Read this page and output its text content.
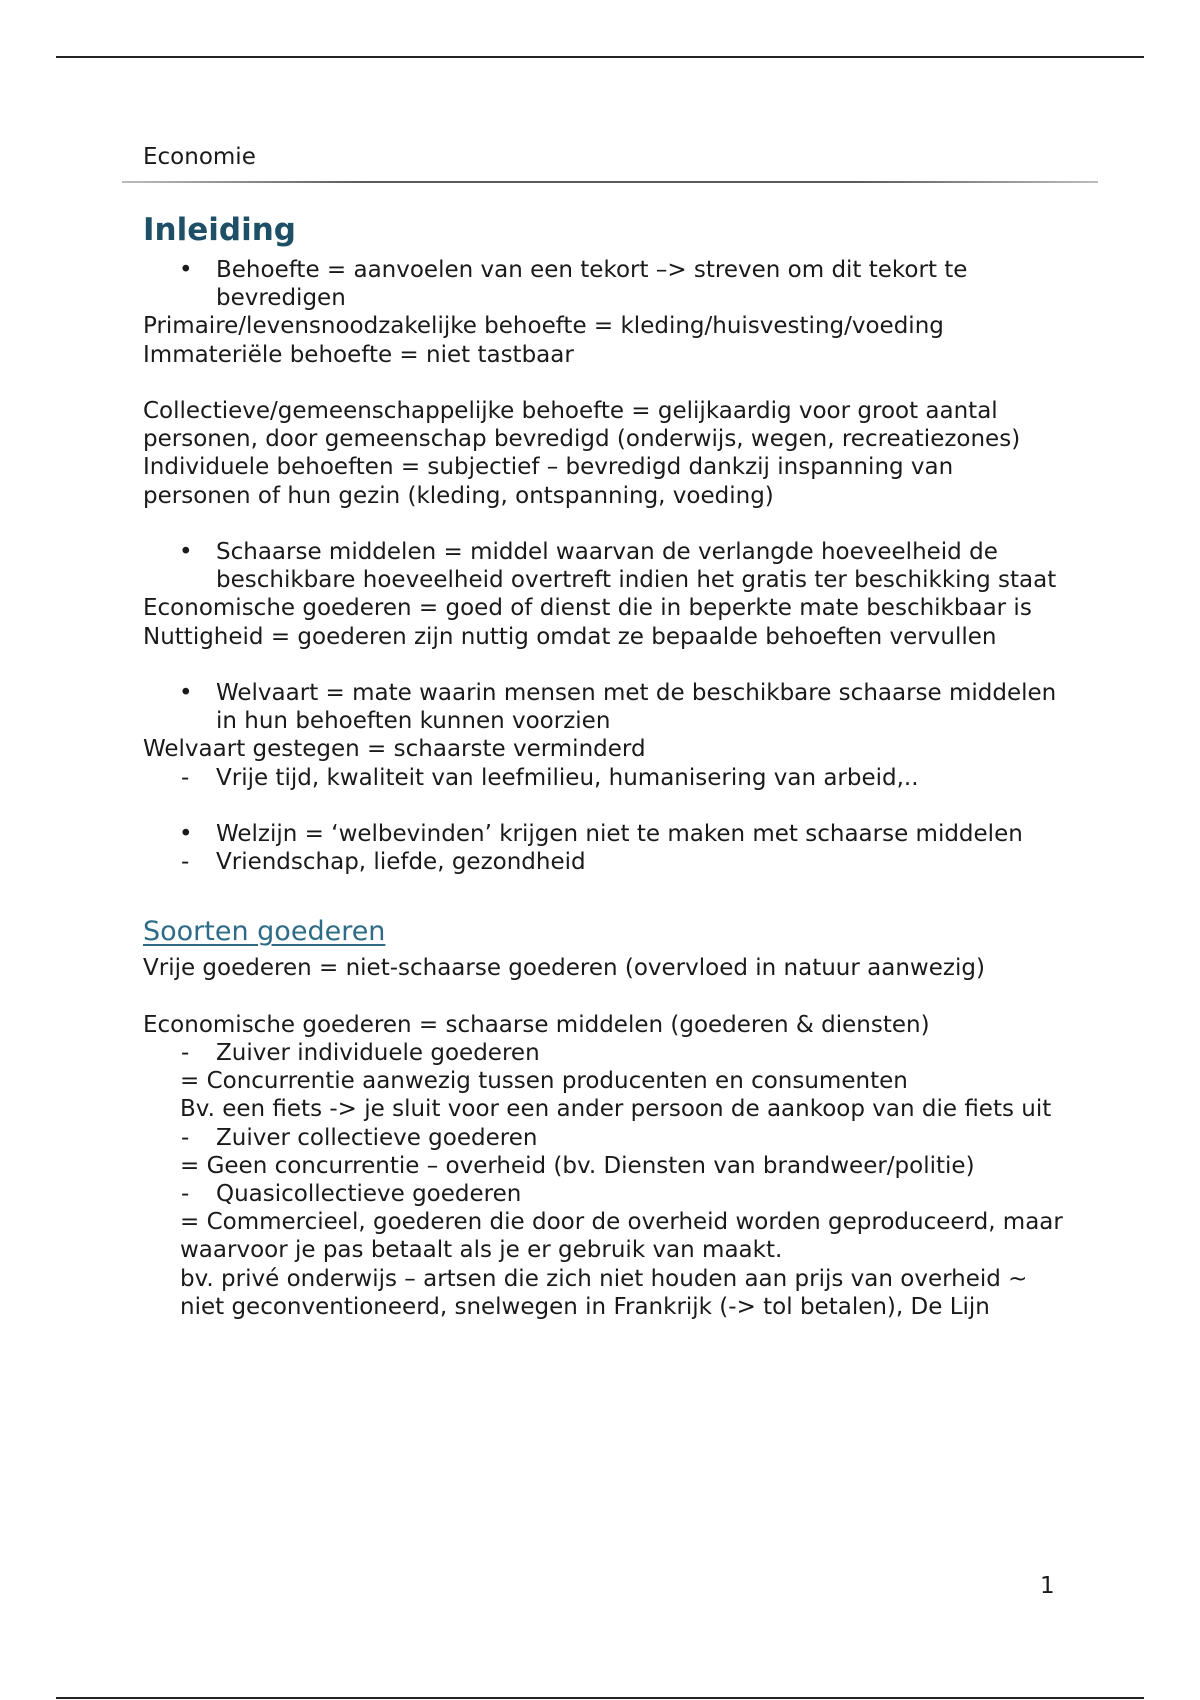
Economie
Inleiding
• Behoefte = aanvoelen van een tekort –> streven om dit tekort te bevredigen
Primaire/levensnoodzakelijke behoefte = kleding/huisvesting/voeding
Immateriële behoefte = niet tastbaar
Collectieve/gemeenschappelijke behoefte = gelijkaardig voor groot aantal personen, door gemeenschap bevredigd (onderwijs, wegen, recreatiezones)
Individuele behoeften = subjectief – bevredigd dankzij inspanning van personen of hun gezin (kleding, ontspanning, voeding)
• Schaarse middelen = middel waarvan de verlangde hoeveelheid de beschikbare hoeveelheid overtreft indien het gratis ter beschikking staat
Economische goederen = goed of dienst die in beperkte mate beschikbaar is
Nuttigheid = goederen zijn nuttig omdat ze bepaalde behoeften vervullen
• Welvaart = mate waarin mensen met de beschikbare schaarse middelen in hun behoeften kunnen voorzien
Welvaart gestegen = schaarste verminderd
- Vrije tijd, kwaliteit van leefmilieu, humanisering van arbeid,..
• Welzijn = ‘welbevinden’ krijgen niet te maken met schaarse middelen
- Vriendschap, liefde, gezondheid
Soorten goederen
Vrije goederen = niet-schaarse goederen (overvloed in natuur aanwezig)
Economische goederen = schaarse middelen (goederen & diensten)
- Zuiver individuele goederen
= Concurrentie aanwezig tussen producenten en consumenten
Bv. een fiets -> je sluit voor een ander persoon de aankoop van die fiets uit
- Zuiver collectieve goederen
= Geen concurrentie – overheid (bv. Diensten van brandweer/politie)
- Quasicollectieve goederen
= Commercieel, goederen die door de overheid worden geproduceerd, maar waarvoor je pas betaalt als je er gebruik van maakt.
bv. privé onderwijs – artsen die zich niet houden aan prijs van overheid ~ niet geconventioneerd, snelwegen in Frankrijk (-> tol betalen), De Lijn
1
